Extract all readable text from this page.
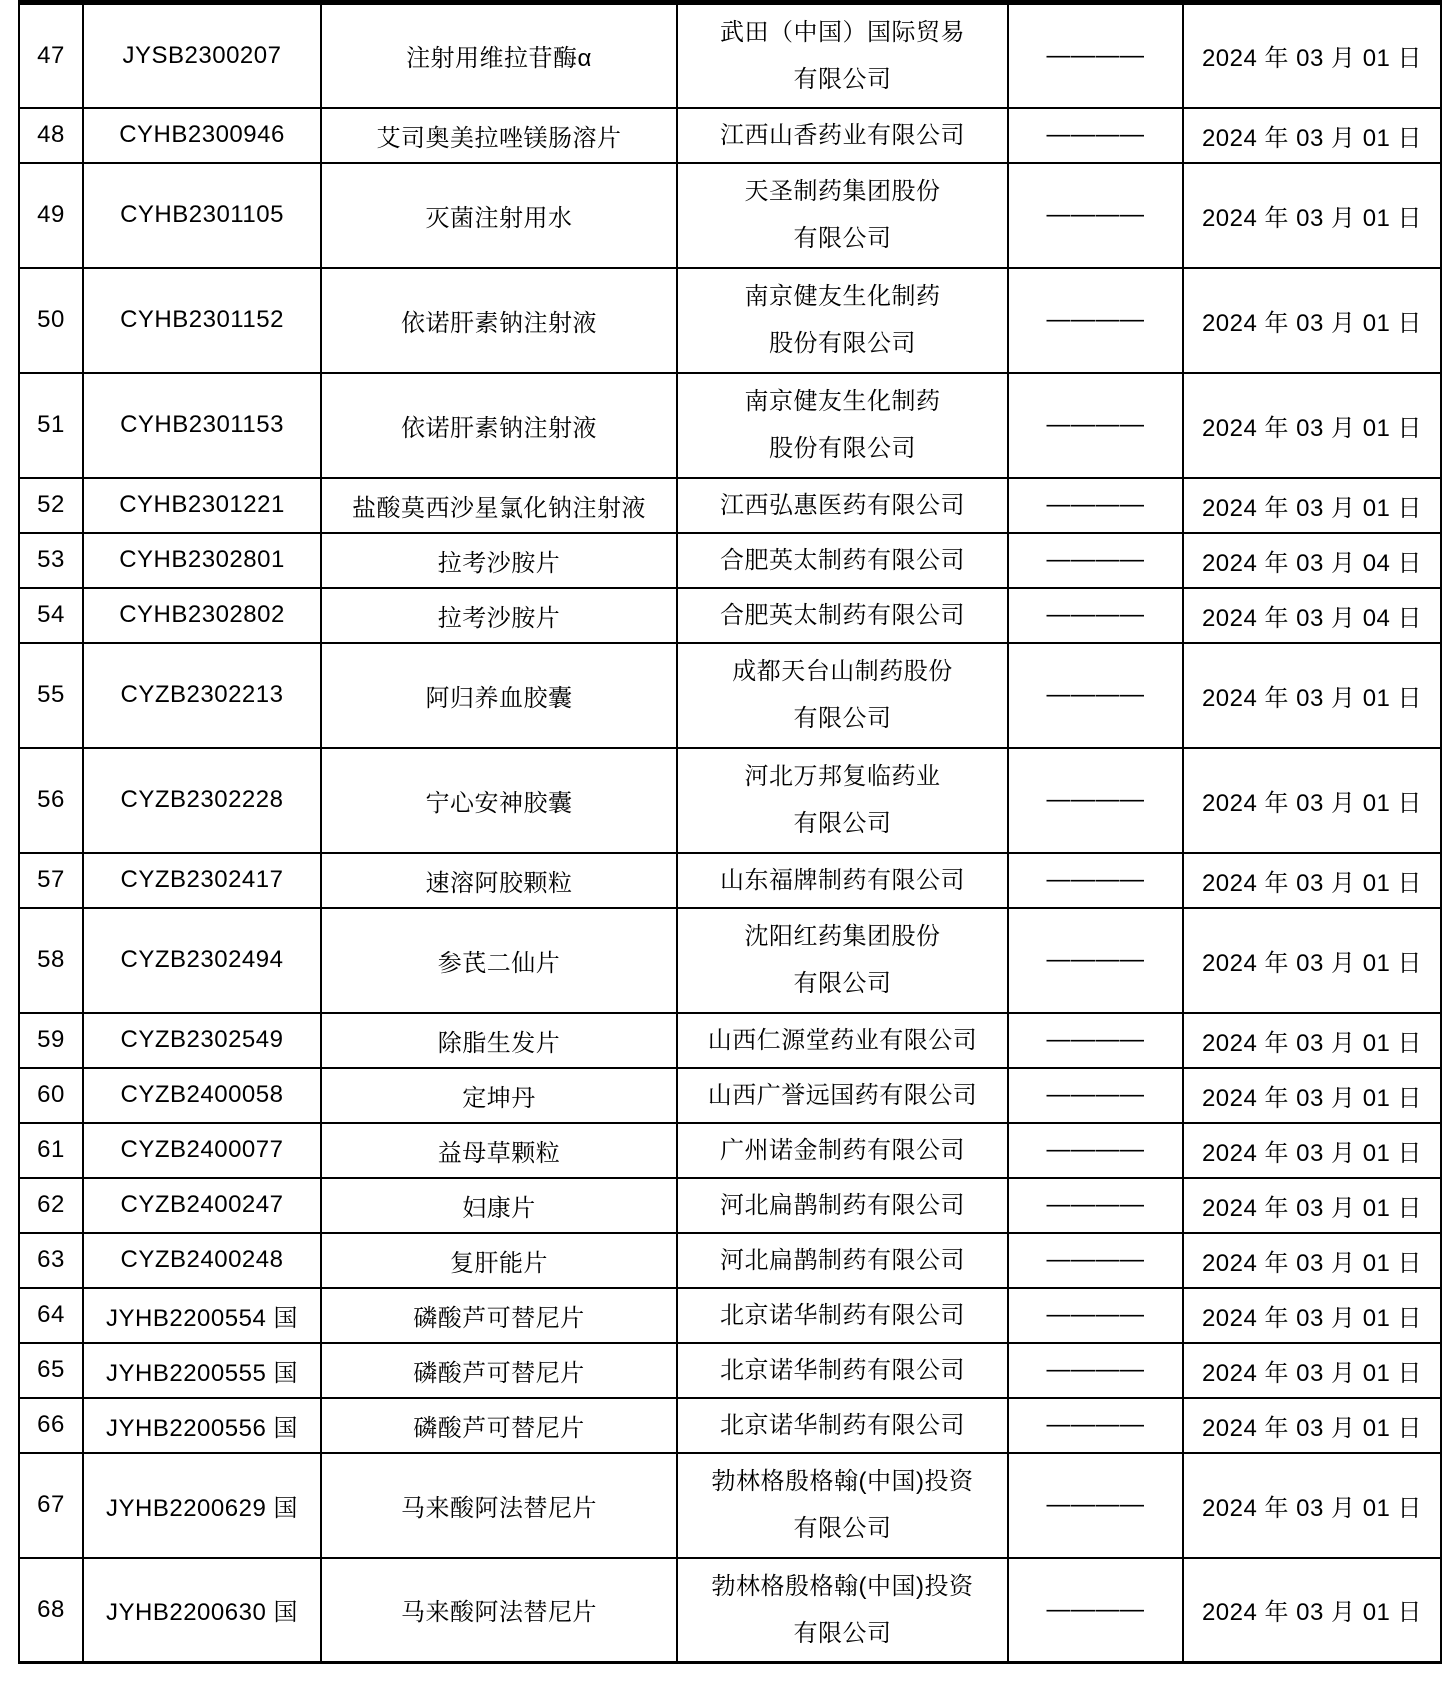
47	JYSB2300207	注射用维拉苷酶α	武田（中国）国际贸易
有限公司	————	2024 年 03 月 01 日
48	CYHB2300946	艾司奥美拉唑镁肠溶片	江西山香药业有限公司	————	2024 年 03 月 01 日
49	CYHB2301105	灭菌注射用水	天圣制药集团股份
有限公司	————	2024 年 03 月 01 日
50	CYHB2301152	依诺肝素钠注射液	南京健友生化制药
股份有限公司	————	2024 年 03 月 01 日
51	CYHB2301153	依诺肝素钠注射液	南京健友生化制药
股份有限公司	————	2024 年 03 月 01 日
52	CYHB2301221	盐酸莫西沙星氯化钠注射液	江西弘惠医药有限公司	————	2024 年 03 月 01 日
53	CYHB2302801	拉考沙胺片	合肥英太制药有限公司	————	2024 年 03 月 04 日
54	CYHB2302802	拉考沙胺片	合肥英太制药有限公司	————	2024 年 03 月 04 日
55	CYZB2302213	阿归养血胶囊	成都天台山制药股份
有限公司	————	2024 年 03 月 01 日
56	CYZB2302228	宁心安神胶囊	河北万邦复临药业
有限公司	————	2024 年 03 月 01 日
57	CYZB2302417	速溶阿胶颗粒	山东福牌制药有限公司	————	2024 年 03 月 01 日
58	CYZB2302494	参芪二仙片	沈阳红药集团股份
有限公司	————	2024 年 03 月 01 日
59	CYZB2302549	除脂生发片	山西仁源堂药业有限公司	————	2024 年 03 月 01 日
60	CYZB2400058	定坤丹	山西广誉远国药有限公司	————	2024 年 03 月 01 日
61	CYZB2400077	益母草颗粒	广州诺金制药有限公司	————	2024 年 03 月 01 日
62	CYZB2400247	妇康片	河北扁鹊制药有限公司	————	2024 年 03 月 01 日
63	CYZB2400248	复肝能片	河北扁鹊制药有限公司	————	2024 年 03 月 01 日
64	JYHB2200554 国	磷酸芦可替尼片	北京诺华制药有限公司	————	2024 年 03 月 01 日
65	JYHB2200555 国	磷酸芦可替尼片	北京诺华制药有限公司	————	2024 年 03 月 01 日
66	JYHB2200556 国	磷酸芦可替尼片	北京诺华制药有限公司	————	2024 年 03 月 01 日
67	JYHB2200629 国	马来酸阿法替尼片	勃林格殷格翰(中国)投资
有限公司	————	2024 年 03 月 01 日
68	JYHB2200630 国	马来酸阿法替尼片	勃林格殷格翰(中国)投资
有限公司	————	2024 年 03 月 01 日
